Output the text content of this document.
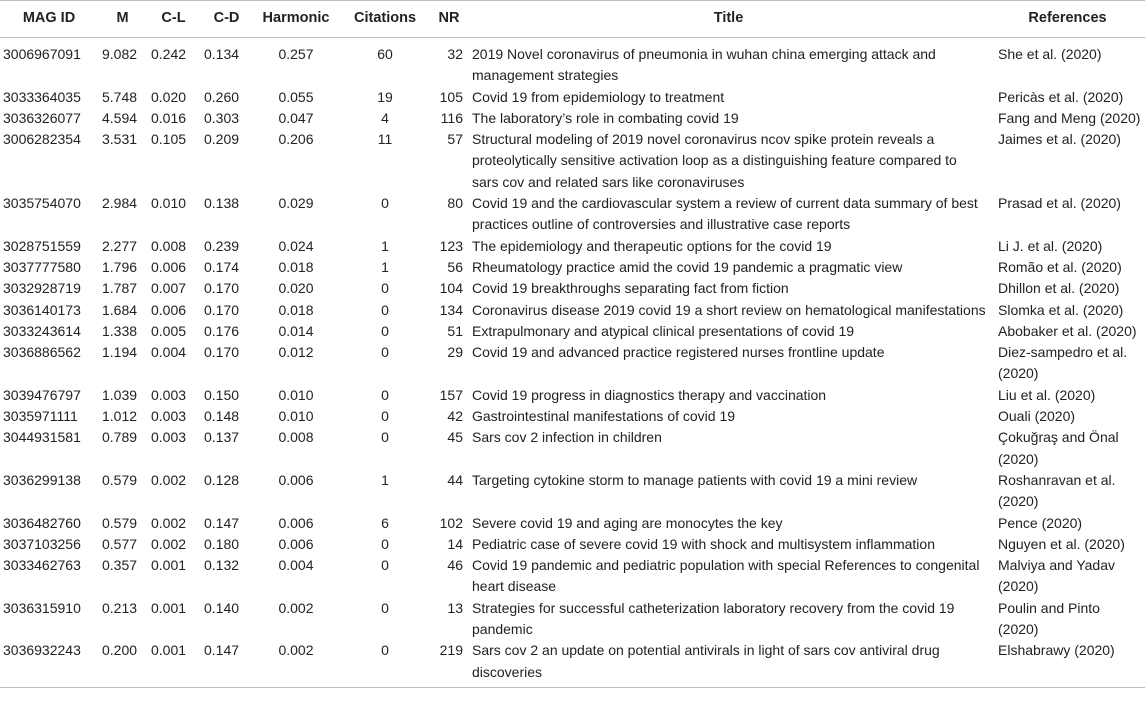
MAG ID	M	C-L	C-D	Harmonic	Citations	NR	Title	References
3006967091	9.082	0.242	0.134	0.257	60	32	2019 Novel coronavirus of pneumonia in wuhan china emerging attack and management strategies	She et al. (2020)
3033364035	5.748	0.020	0.260	0.055	19	105	Covid 19 from epidemiology to treatment	Pericàs et al. (2020)
3036326077	4.594	0.016	0.303	0.047	4	116	The laboratory’s role in combating covid 19	Fang and Meng (2020)
3006282354	3.531	0.105	0.209	0.206	11	57	Structural modeling of 2019 novel coronavirus ncov spike protein reveals a proteolytically sensitive activation loop as a distinguishing feature compared to sars cov and related sars like coronaviruses	Jaimes et al. (2020)
3035754070	2.984	0.010	0.138	0.029	0	80	Covid 19 and the cardiovascular system a review of current data summary of best practices outline of controversies and illustrative case reports	Prasad et al. (2020)
3028751559	2.277	0.008	0.239	0.024	1	123	The epidemiology and therapeutic options for the covid 19	Li J. et al. (2020)
3037777580	1.796	0.006	0.174	0.018	1	56	Rheumatology practice amid the covid 19 pandemic a pragmatic view	Romão et al. (2020)
3032928719	1.787	0.007	0.170	0.020	0	104	Covid 19 breakthroughs separating fact from fiction	Dhillon et al. (2020)
3036140173	1.684	0.006	0.170	0.018	0	134	Coronavirus disease 2019 covid 19 a short review on hematological manifestations	Slomka et al. (2020)
3033243614	1.338	0.005	0.176	0.014	0	51	Extrapulmonary and atypical clinical presentations of covid 19	Abobaker et al. (2020)
3036886562	1.194	0.004	0.170	0.012	0	29	Covid 19 and advanced practice registered nurses frontline update	Diez-sampedro et al. (2020)
3039476797	1.039	0.003	0.150	0.010	0	157	Covid 19 progress in diagnostics therapy and vaccination	Liu et al. (2020)
3035971111	1.012	0.003	0.148	0.010	0	42	Gastrointestinal manifestations of covid 19	Ouali (2020)
3044931581	0.789	0.003	0.137	0.008	0	45	Sars cov 2 infection in children	Çokuğraş and Önal (2020)
3036299138	0.579	0.002	0.128	0.006	1	44	Targeting cytokine storm to manage patients with covid 19 a mini review	Roshanravan et al. (2020)
3036482760	0.579	0.002	0.147	0.006	6	102	Severe covid 19 and aging are monocytes the key	Pence (2020)
3037103256	0.577	0.002	0.180	0.006	0	14	Pediatric case of severe covid 19 with shock and multisystem inflammation	Nguyen et al. (2020)
3033462763	0.357	0.001	0.132	0.004	0	46	Covid 19 pandemic and pediatric population with special References to congenital heart disease	Malviya and Yadav (2020)
3036315910	0.213	0.001	0.140	0.002	0	13	Strategies for successful catheterization laboratory recovery from the covid 19 pandemic	Poulin and Pinto (2020)
3036932243	0.200	0.001	0.147	0.002	0	219	Sars cov 2 an update on potential antivirals in light of sars cov antiviral drug discoveries	Elshabrawy (2020)
